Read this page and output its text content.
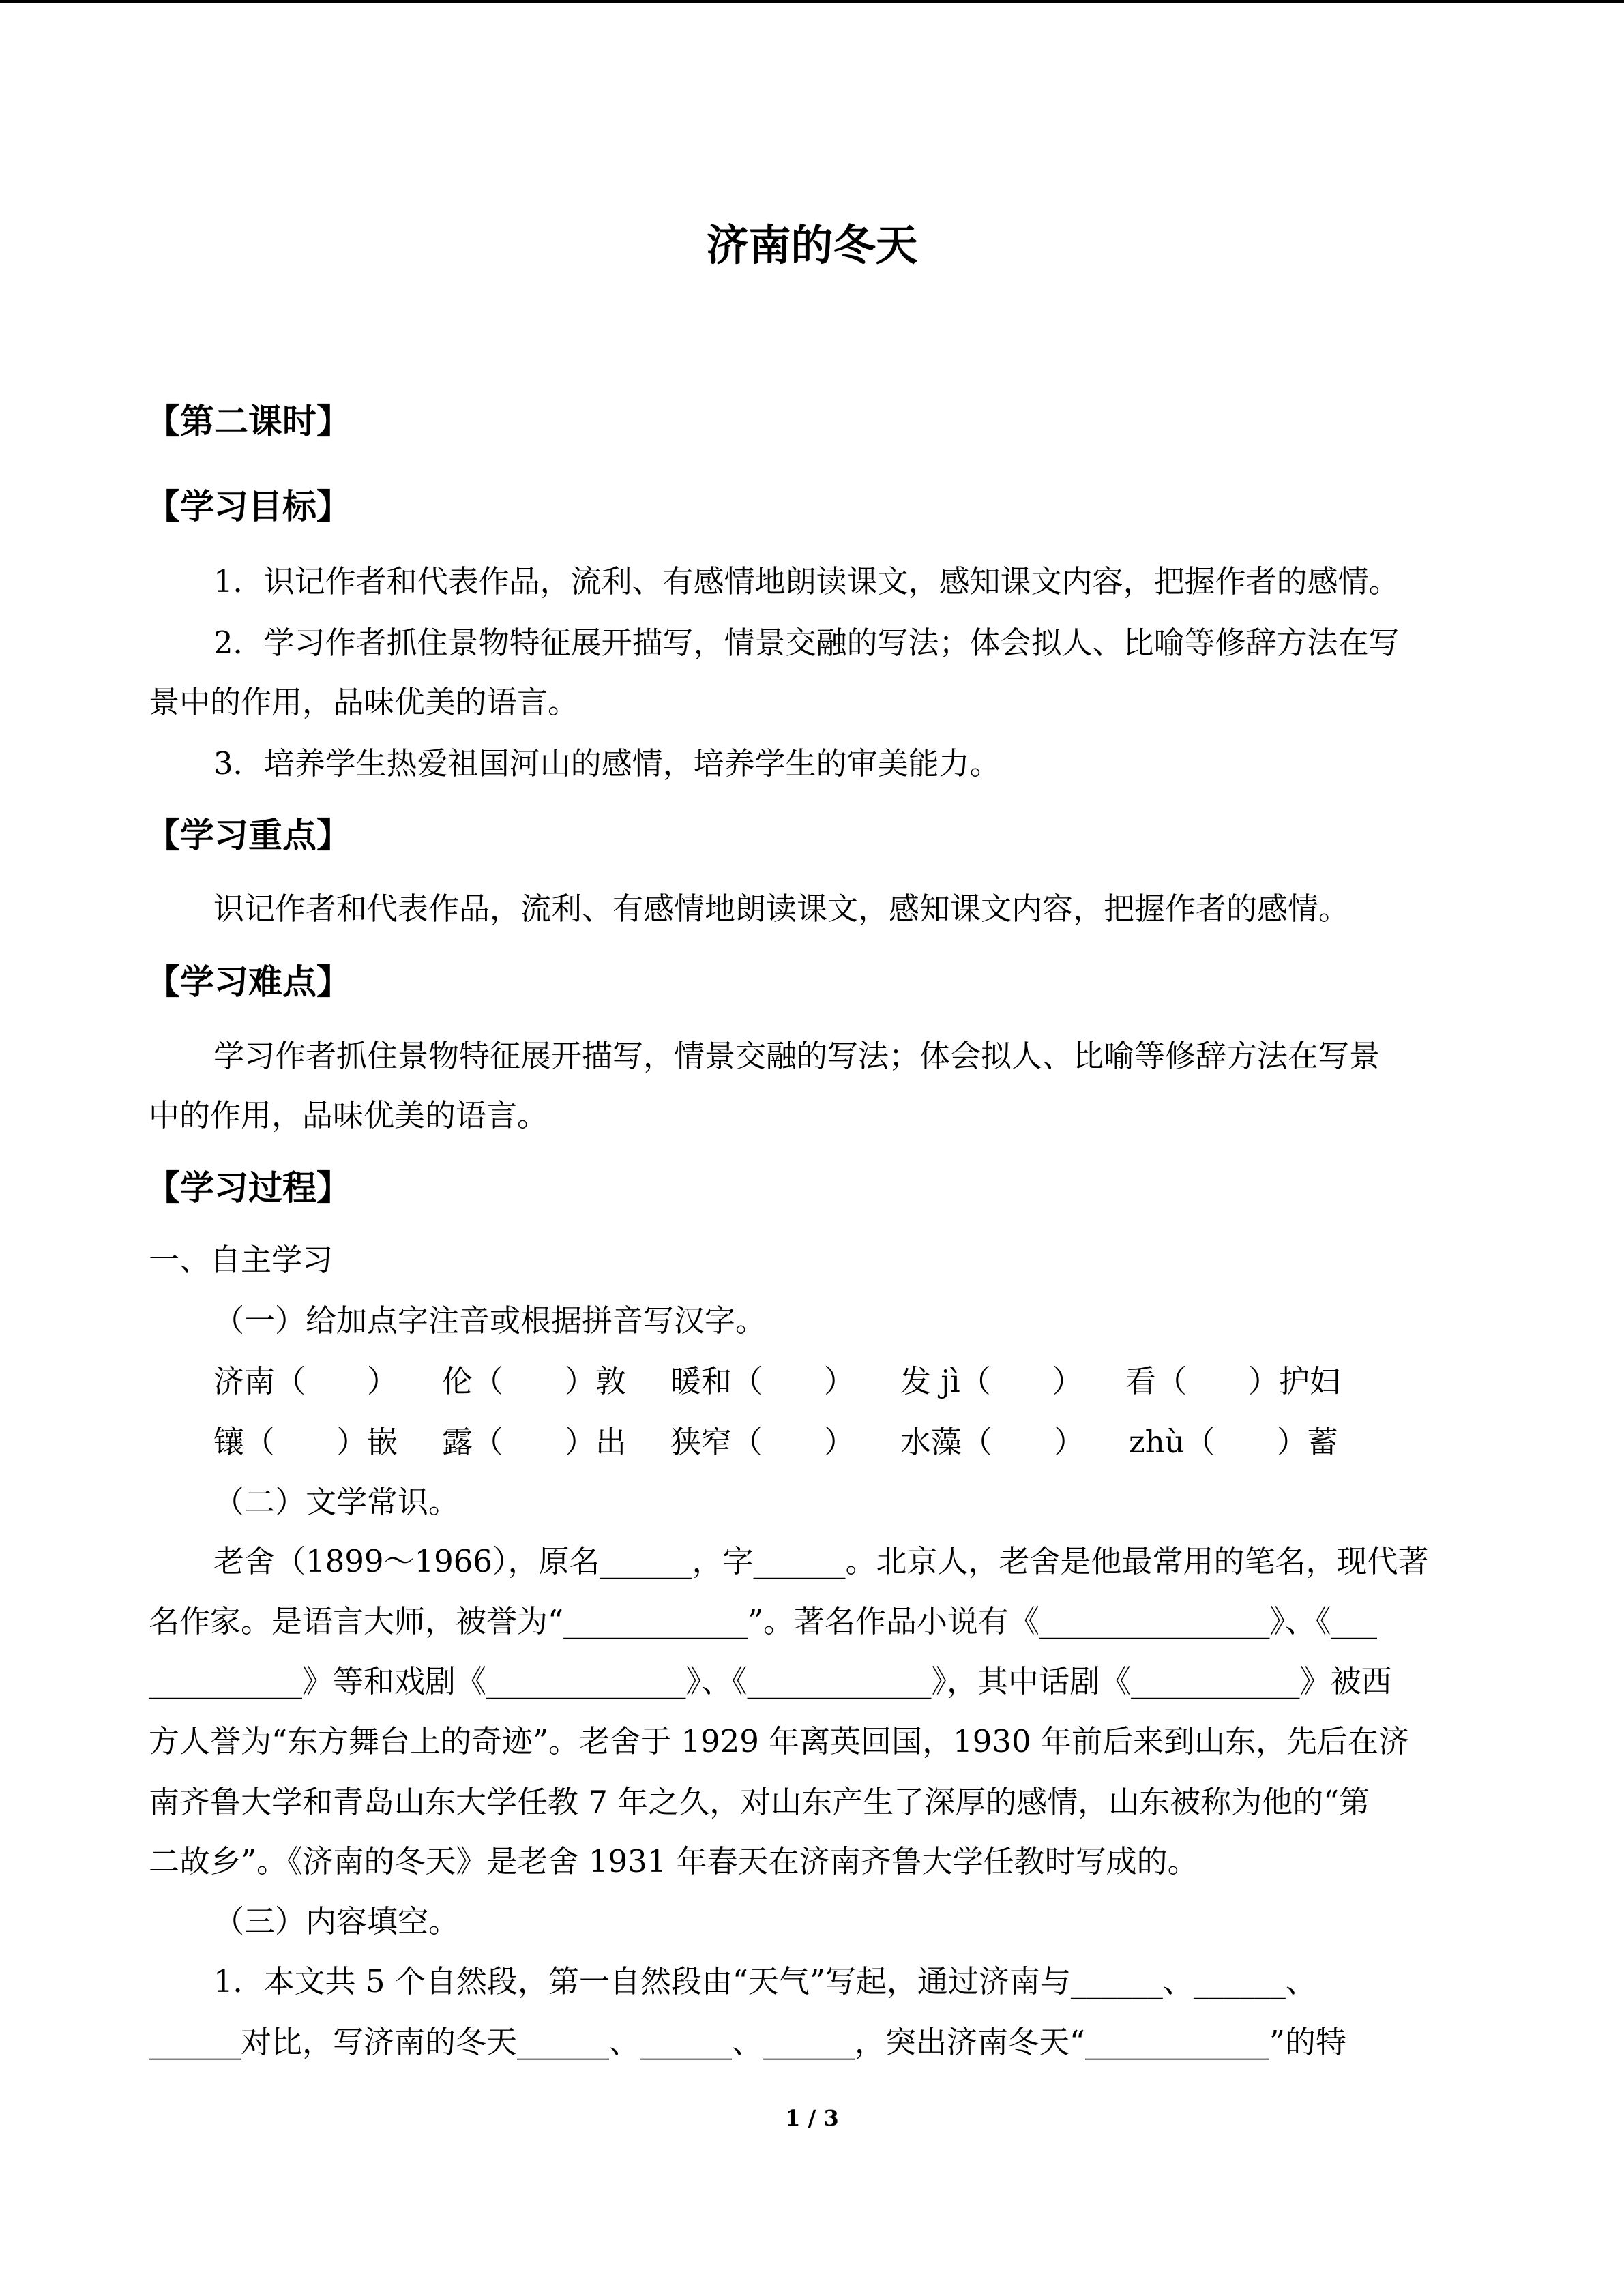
济南的冬天
【第二课时】
【学习目标】
1．识记作者和代表作品，流利、有感情地朗读课文，感知课文内容，把握作者的感情。
2．学习作者抓住景物特征展开描写，情景交融的写法；体会拟人、比喻等修辞方法在写
景中的作用，品味优美的语言。
3．培养学生热爱祖国河山的感情，培养学生的审美能力。
【学习重点】
识记作者和代表作品，流利、有感情地朗读课文，感知课文内容，把握作者的感情。
【学习难点】
学习作者抓住景物特征展开描写，情景交融的写法；体会拟人、比喻等修辞方法在写景
中的作用，品味优美的语言。
【学习过程】
一、自主学习
（一）给加点字注音或根据拼音写汉字。
济南（　　） 伦（　　）敦 暖和（　　） 发 jì（　　） 看（　　）护妇
镶（　　）嵌 露（　　）出 狭窄（　　） 水藻（　　） zhù（　　）蓄
（二）文学常识。
老舍（1899～1966），原名______，字______。北京人，老舍是他最常用的笔名，现代著
名作家。是语言大师，被誉为“____________”。著名作品小说有《_______________》、《___
__________》等和戏剧《_____________》、《____________》，其中话剧《___________》被西
方人誉为“东方舞台上的奇迹”。老舍于 1929 年离英回国，1930 年前后来到山东，先后在济
南齐鲁大学和青岛山东大学任教 7 年之久，对山东产生了深厚的感情，山东被称为他的“第
二故乡”。《济南的冬天》是老舍 1931 年春天在济南齐鲁大学任教时写成的。
（三）内容填空。
1．本文共 5 个自然段，第一自然段由“天气”写起，通过济南与______、______、
______对比，写济南的冬天______、______、______，突出济南冬天“____________”的特
1 / 3
